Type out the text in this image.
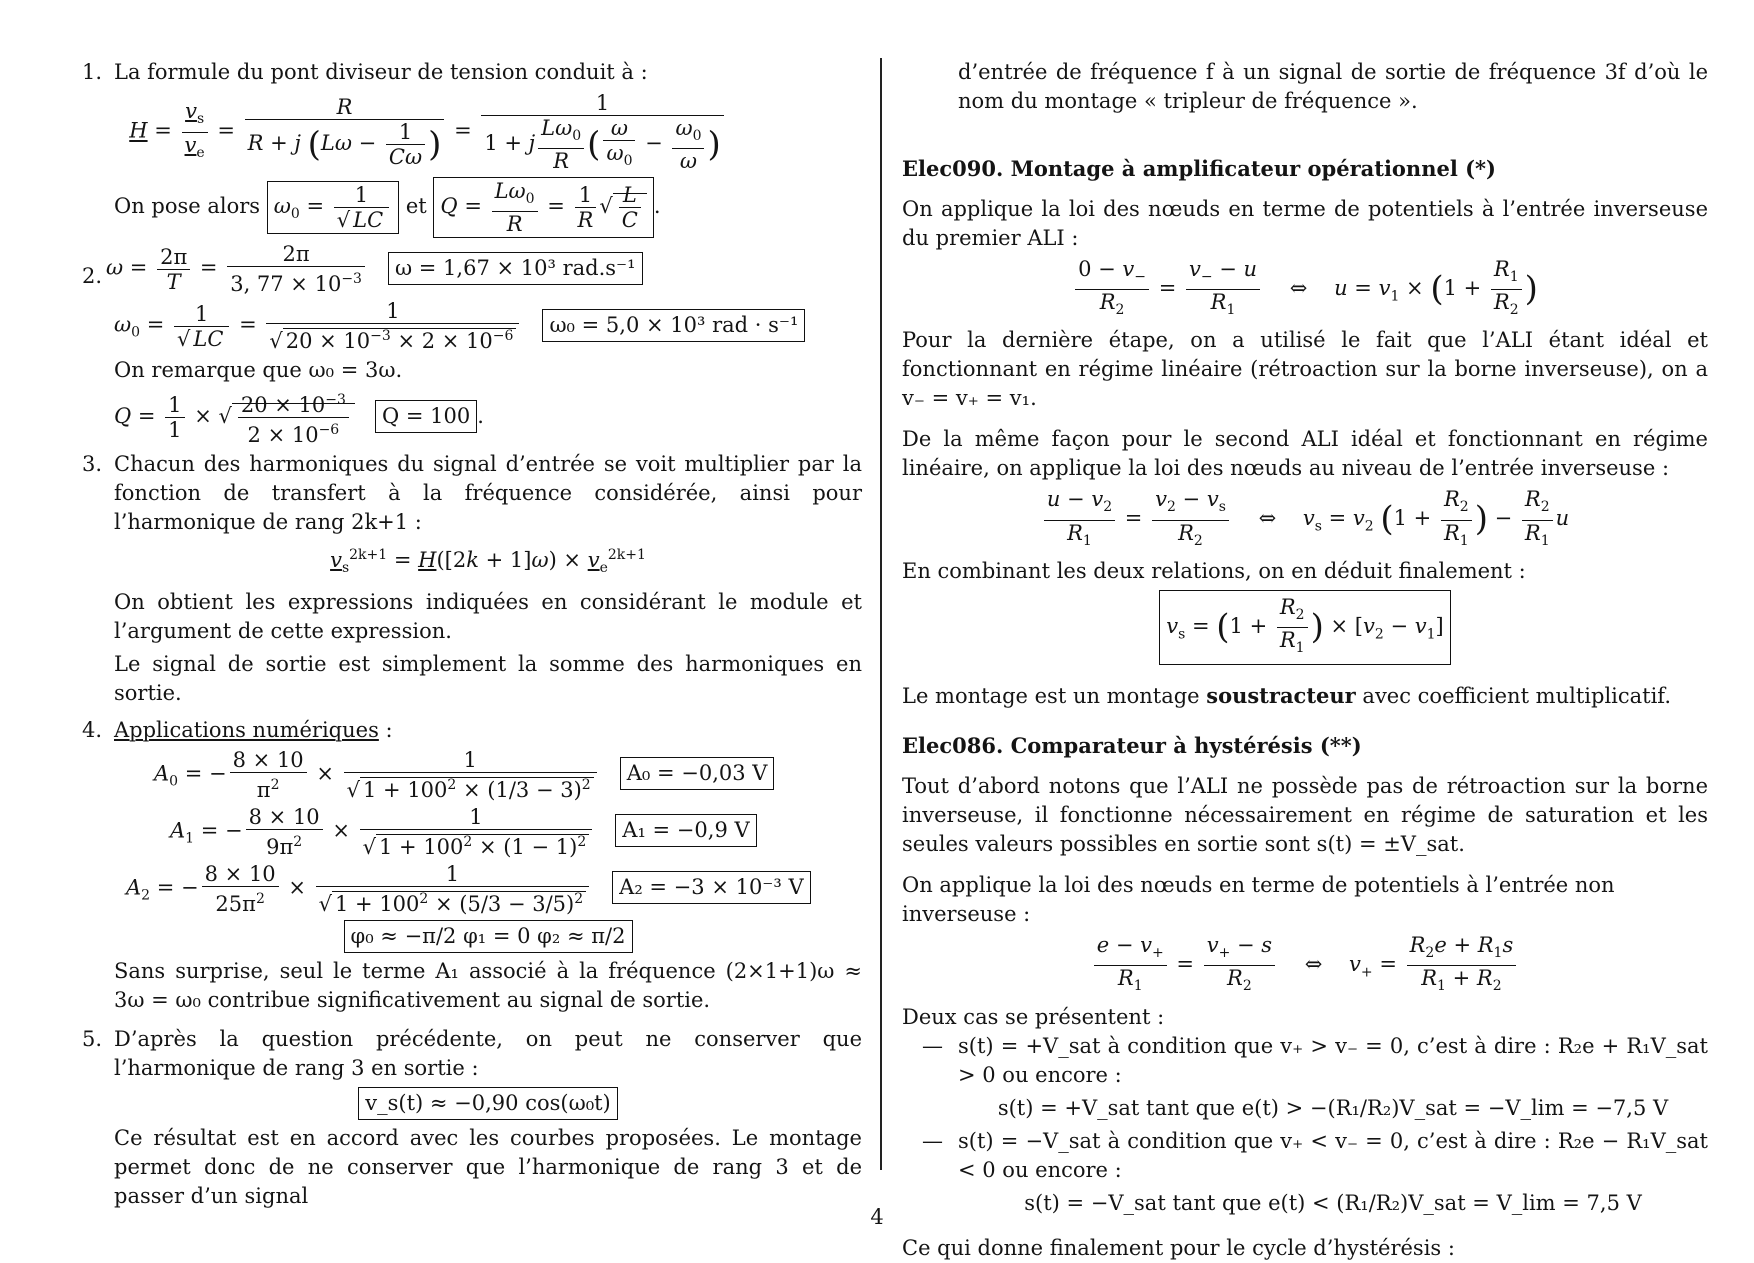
1. La formule du pont diviseur de tension conduit à :

$H = \frac{v_s}{v_e} = \frac{R}{R + j (L\omega - \frac{1}{C\omega} )} = \frac{1}{1 + j \frac{L\omega_0}{R} ( \frac{\omega}{\omega_0} - \frac{\omega_0}{\omega} )}$
On pose alors $\omega_0 = \frac{1}{√ LC}$ et $Q = \frac{L\omega_0}{R} = \frac{1}{R}$ √ $\frac{L}{C}$ .
2. $\omega = \frac{2\pi}{T} = \frac{2\pi}{3, 77 \times 10^{-3}}$ ω = 1,67 × 10³ rad.s⁻¹
$\omega_0 = \frac{1}{√ LC} = \frac{1}{√ 20 \times 10^{-3} \times 2 \times 10^{-6}} \omega_0 = 5,0 \times 10^3$ rad · s⁻¹

On remarque que ω₀ = 3ω.

$Q = \frac{1}{1}$ × √ $\frac{20 \times 10^{-3}}{2 \times 10^{-6}}$ Q = 100 .
3. Chacun des harmoniques du signal d’entrée se voit multiplier par la fonction de transfert à la fréquence considérée, ainsi pour l’harmonique de rang 2k+1 :

$v_s^{2k+1} = H([2k + 1]\omega) \times v_e^{2k+1}$

On obtient les expressions indiquées en considérant le module et l’argument de cette expression.

Le signal de sortie est simplement la somme des harmoniques en sortie.

4. Applications numériques :

$A_0$ = − $\frac{8 \times 10}{\pi^2} \times \frac{1}{√ 1 + 100^2 \times (1/3 - 3)^2} A_0 = -0,03$ V
$A_1$ = − $\frac{8 \times 10}{9\pi^2} \times \frac{1}{√ 1 + 100^2 \times (1 - 1)^2} A_1 = -0,9$ V
$A_2$ = − $\frac{8 \times 10}{25\pi^2} \times \frac{1}{√ 1 + 100^2 \times (5/3 - 3/5)^2} A_2 = -3 \times 10^{-3}$ V
φ₀ ≈ −π/2 φ₁ = 0 φ₂ ≈ π/2

Sans surprise, seul le terme A₁ associé à la fréquence (2×1+1)ω ≈ 3ω = ω₀ contribue significativement au signal de sortie.

5. D’après la question précédente, on peut ne conserver que l’harmonique de rang 3 en sortie :

v_s(t) ≈ −0,90 cos(ω₀t)

Ce résultat est en accord avec les courbes proposées. Le montage permet donc de ne conserver que l’harmonique de rang 3 et de passer d’un signal

d’entrée de fréquence f à un signal de sortie de fréquence 3f d’où le nom du montage « tripleur de fréquence ».

Elec090. Montage à amplificateur opérationnel (*)

On applique la loi des nœuds en terme de potentiels à l’entrée inverseuse du premier ALI :

$\frac{0 - v_-}{R_2} = \frac{v_- - u}{R_1}$ ⇔    $u = v_1 \times (1 + \frac{R_1}{R_2}$ )

Pour la dernière étape, on a utilisé le fait que l’ALI étant idéal et fonctionnant en régime linéaire (rétroaction sur la borne inverseuse), on a v₋ = v₊ = v₁.

De la même façon pour le second ALI idéal et fonctionnant en régime linéaire, on applique la loi des nœuds au niveau de l’entrée inverseuse :

$\frac{u - v_2}{R_1} = \frac{v_2 - v_s}{R_2}$ ⇔    $v_s = v_2$ ($1 + \frac{R_2}{R_1}$ ) − $\frac{R_2}{R_1}$ u

En combinant les deux relations, on en déduit finalement :

$v_s = (1 + \frac{R_2}{R_1}$ ) × $[v_2 - v_1]$

Le montage est un montage soustracteur avec coefficient multiplicatif.

Elec086. Comparateur à hystérésis (**)

Tout d’abord notons que l’ALI ne possède pas de rétroaction sur la borne inverseuse, il fonctionne nécessairement en régime de saturation et les seules valeurs possibles en sortie sont s(t) = ±V_sat.

On applique la loi des nœuds en terme de potentiels à l’entrée non inverseuse :

$\frac{e - v_+}{R_1} = \frac{v_+ - s}{R_2}$ ⇔    $v_+ = \frac{R_2e + R_1s}{R_1 + R_2}$

Deux cas se présentent :

— s(t) = +V_sat à condition que v₊ > v₋ = 0, c’est à dire : R₂e + R₁V_sat > 0 ou encore :

s(t) = +V_sat tant que e(t) > −(R₁/R₂)V_sat = −V_lim = −7,5 V
— s(t) = −V_sat à condition que v₊ < v₋ = 0, c’est à dire : R₂e − R₁V_sat < 0 ou encore :

s(t) = −V_sat tant que e(t) < (R₁/R₂)V_sat = V_lim = 7,5 V

Ce qui donne finalement pour le cycle d’hystérésis :

4
